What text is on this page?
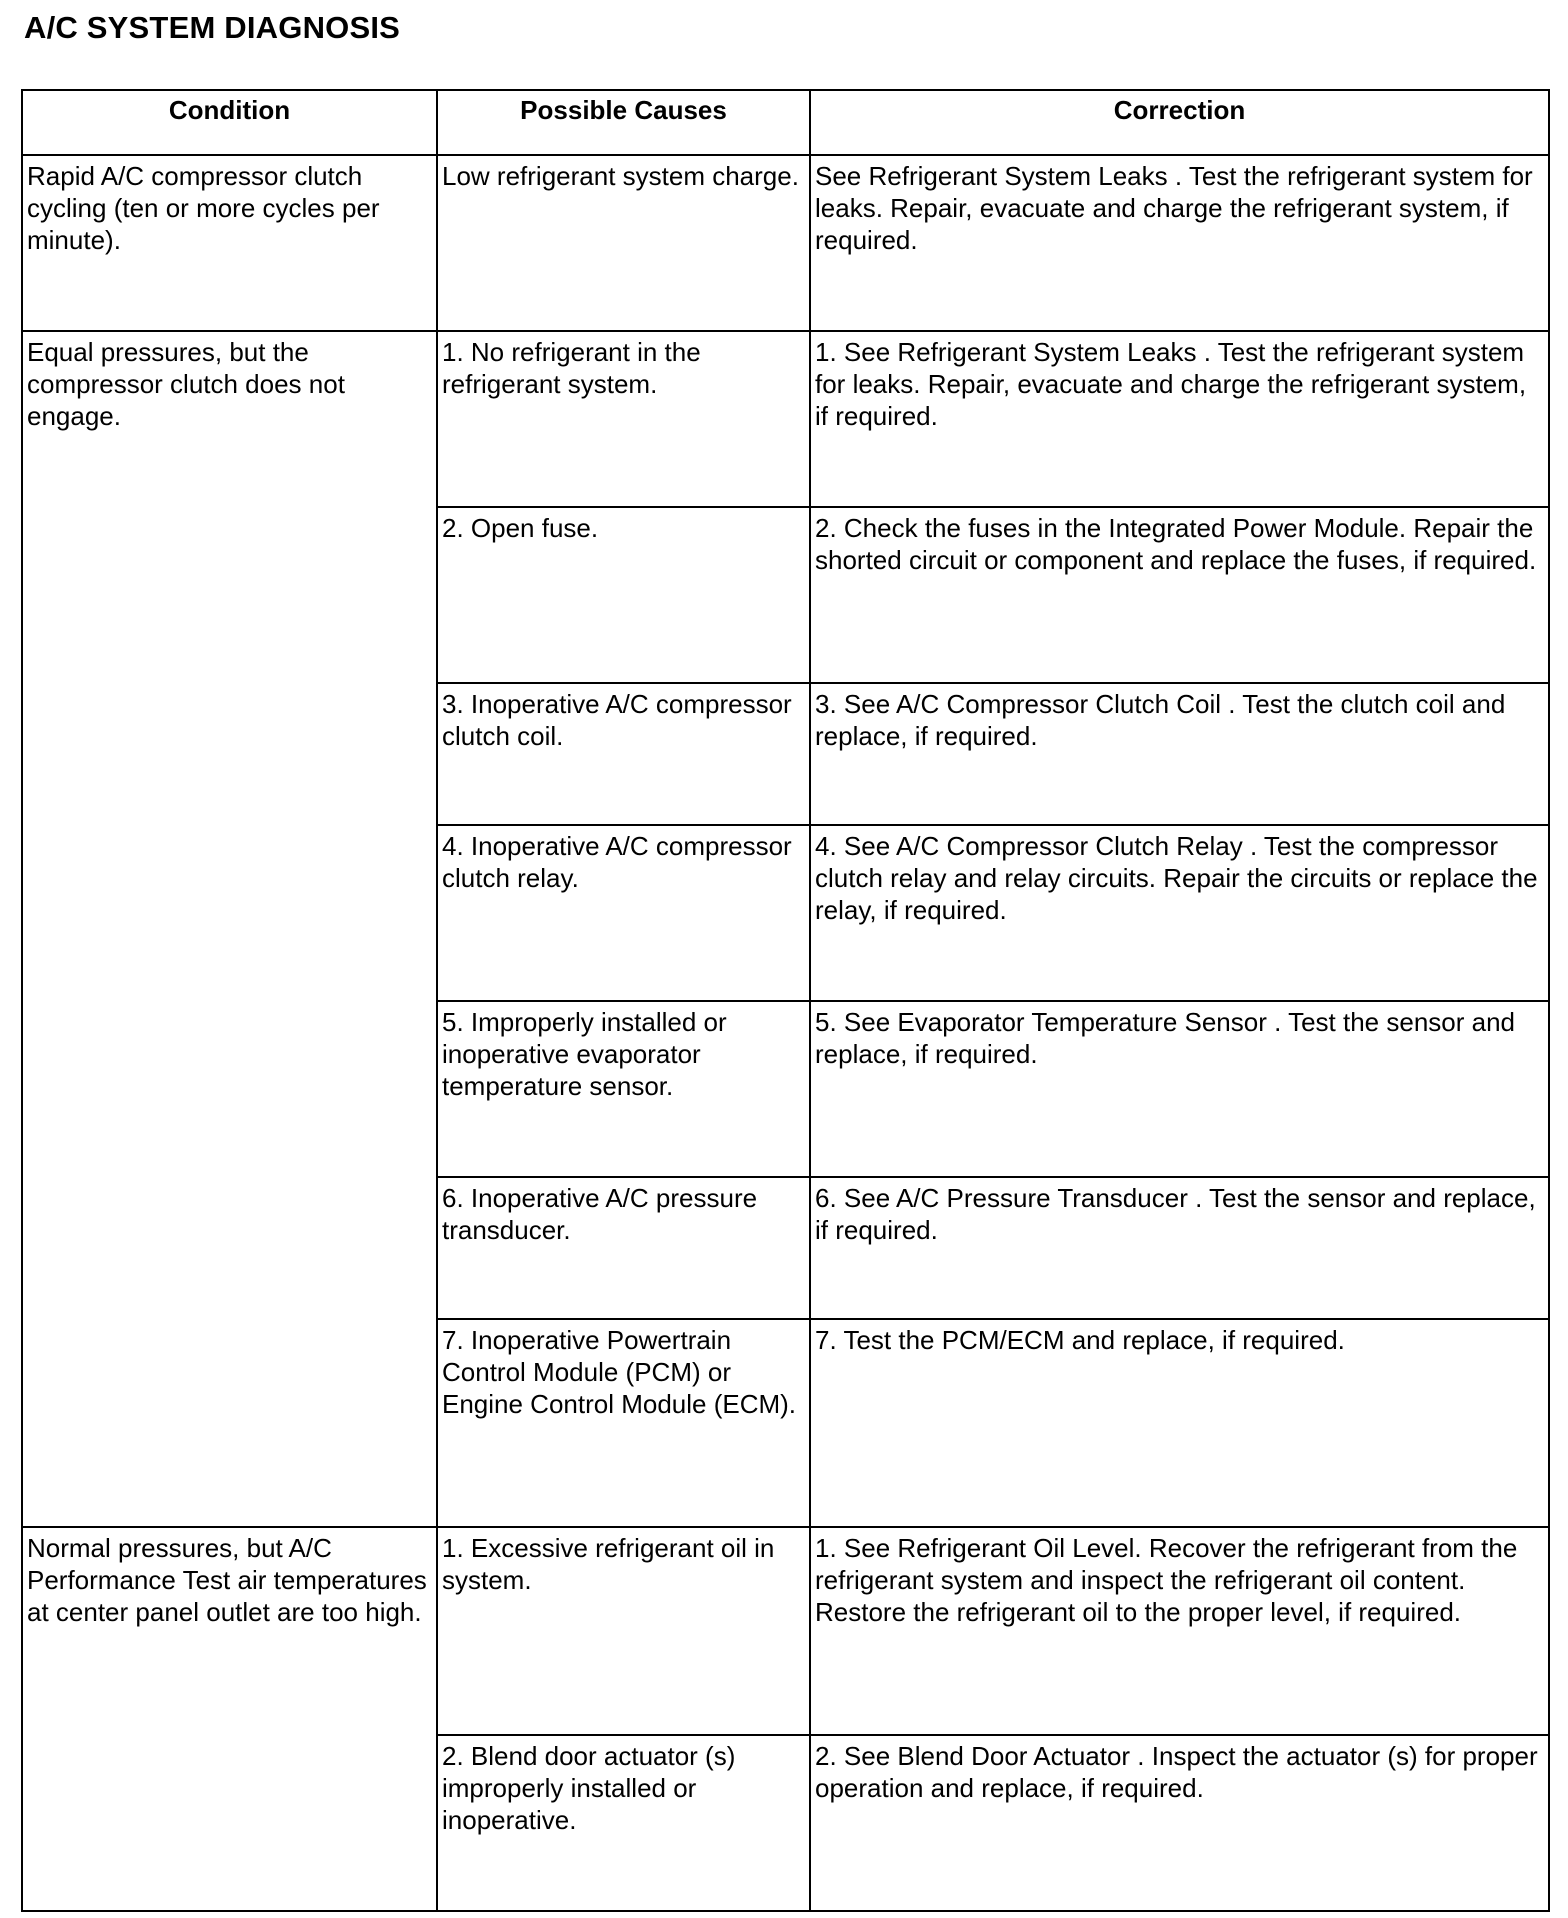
A/C SYSTEM DIAGNOSIS
Condition	Possible Causes	Correction
Rapid A/C compressor clutch cycling (ten or more cycles per minute).	Low refrigerant system charge.	See Refrigerant System Leaks . Test the refrigerant system for leaks. Repair, evacuate and charge the refrigerant system, if required.
Equal pressures, but the compressor clutch does not engage.	1. No refrigerant in the refrigerant system.	1. See Refrigerant System Leaks . Test the refrigerant system for leaks. Repair, evacuate and charge the refrigerant system, if required.
	2. Open fuse.	2. Check the fuses in the Integrated Power Module. Repair the shorted circuit or component and replace the fuses, if required.
	3. Inoperative A/C compressor clutch coil.	3. See A/C Compressor Clutch Coil . Test the clutch coil and replace, if required.
	4. Inoperative A/C compressor clutch relay.	4. See A/C Compressor Clutch Relay . Test the compressor clutch relay and relay circuits. Repair the circuits or replace the relay, if required.
	5. Improperly installed or inoperative evaporator temperature sensor.	5. See Evaporator Temperature Sensor . Test the sensor and replace, if required.
	6. Inoperative A/C pressure transducer.	6. See A/C Pressure Transducer . Test the sensor and replace, if required.
	7. Inoperative Powertrain Control Module (PCM) or Engine Control Module (ECM).	7. Test the PCM/ECM and replace, if required.
Normal pressures, but A/C Performance Test air temperatures at center panel outlet are too high.	1. Excessive refrigerant oil in system.	1. See Refrigerant Oil Level. Recover the refrigerant from the refrigerant system and inspect the refrigerant oil content. Restore the refrigerant oil to the proper level, if required.
	2. Blend door actuator (s) improperly installed or inoperative.	2. See Blend Door Actuator . Inspect the actuator (s) for proper operation and replace, if required.
